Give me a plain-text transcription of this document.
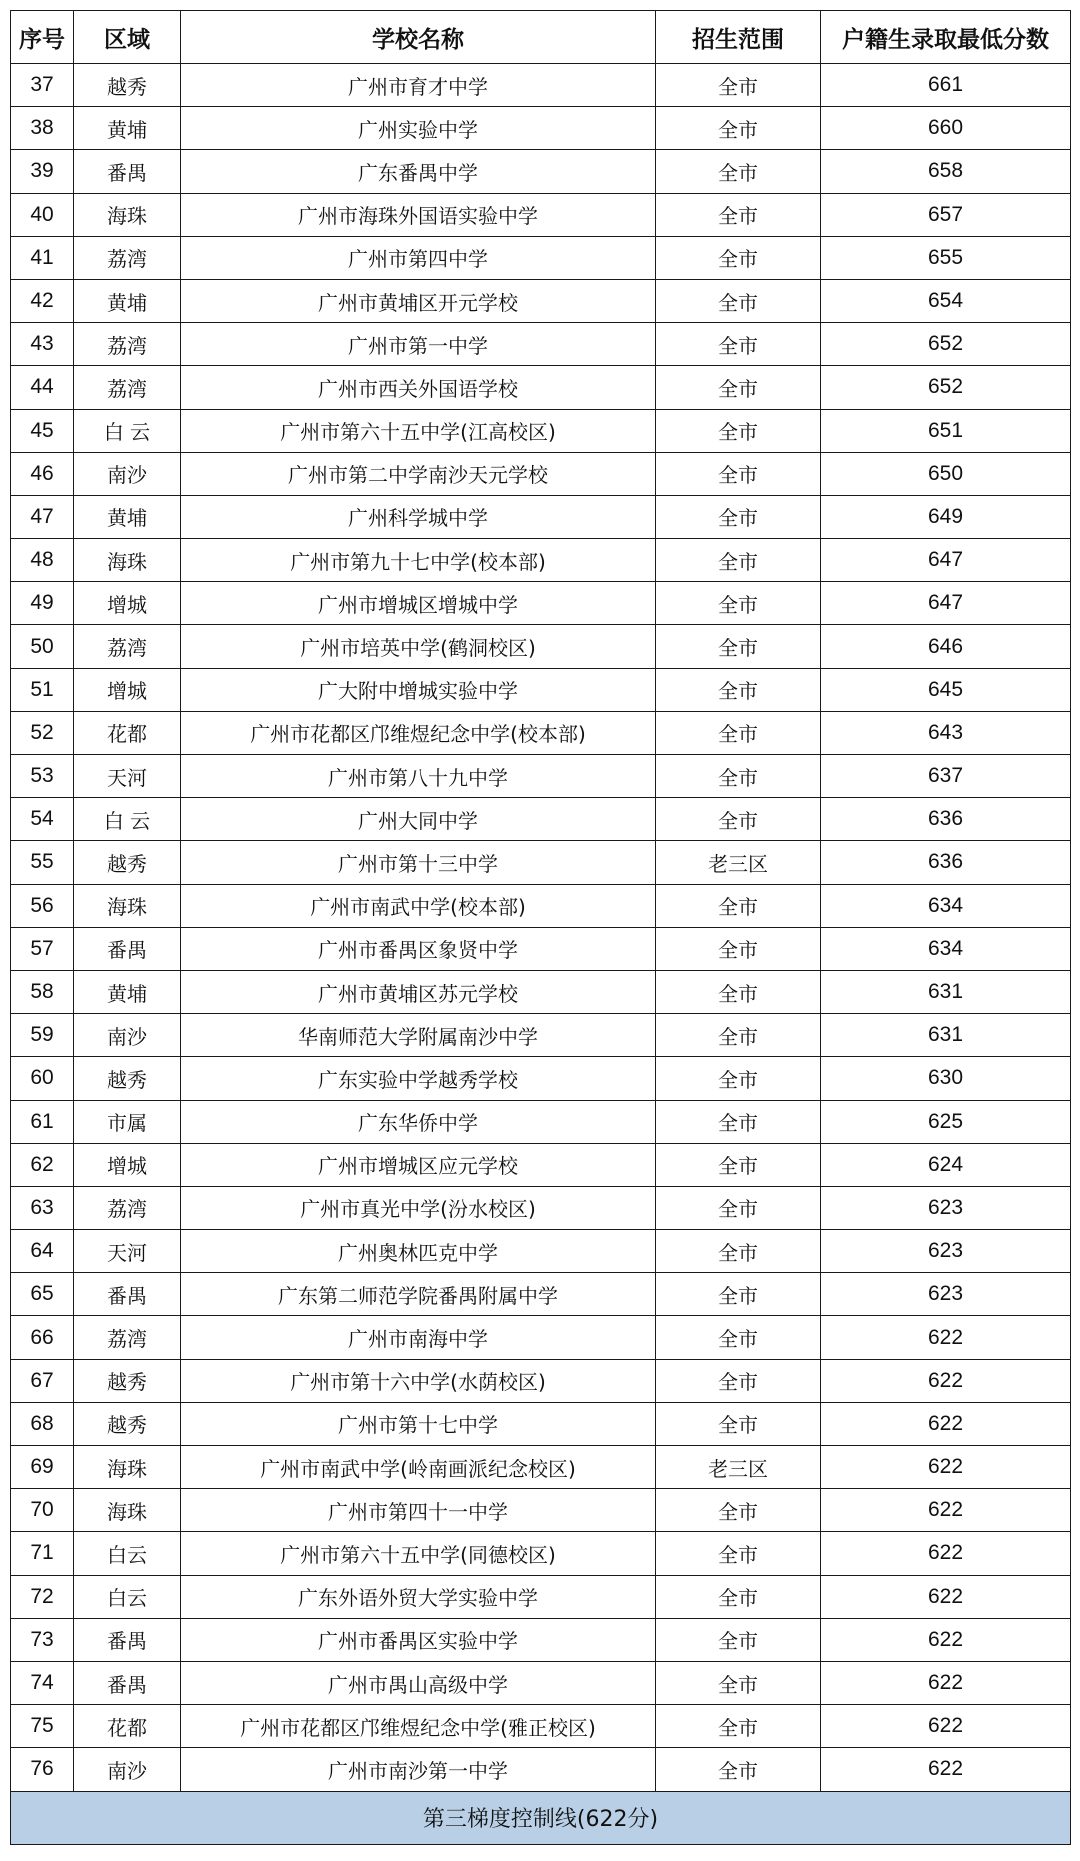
序号	区域	学校名称	招生范围	户籍生录取最低分数
37	越秀	广州市育才中学	全市	661
38	黄埔	广州实验中学	全市	660
39	番禺	广东番禺中学	全市	658
40	海珠	广州市海珠外国语实验中学	全市	657
41	荔湾	广州市第四中学	全市	655
42	黄埔	广州市黄埔区开元学校	全市	654
43	荔湾	广州市第一中学	全市	652
44	荔湾	广州市西关外国语学校	全市	652
45	白 云	广州市第六十五中学(江高校区)	全市	651
46	南沙	广州市第二中学南沙天元学校	全市	650
47	黄埔	广州科学城中学	全市	649
48	海珠	广州市第九十七中学(校本部)	全市	647
49	增城	广州市增城区增城中学	全市	647
50	荔湾	广州市培英中学(鹤洞校区)	全市	646
51	增城	广大附中增城实验中学	全市	645
52	花都	广州市花都区邝维煜纪念中学(校本部)	全市	643
53	天河	广州市第八十九中学	全市	637
54	白 云	广州大同中学	全市	636
55	越秀	广州市第十三中学	老三区	636
56	海珠	广州市南武中学(校本部)	全市	634
57	番禺	广州市番禺区象贤中学	全市	634
58	黄埔	广州市黄埔区苏元学校	全市	631
59	南沙	华南师范大学附属南沙中学	全市	631
60	越秀	广东实验中学越秀学校	全市	630
61	市属	广东华侨中学	全市	625
62	增城	广州市增城区应元学校	全市	624
63	荔湾	广州市真光中学(汾水校区)	全市	623
64	天河	广州奥林匹克中学	全市	623
65	番禺	广东第二师范学院番禺附属中学	全市	623
66	荔湾	广州市南海中学	全市	622
67	越秀	广州市第十六中学(水荫校区)	全市	622
68	越秀	广州市第十七中学	全市	622
69	海珠	广州市南武中学(岭南画派纪念校区)	老三区	622
70	海珠	广州市第四十一中学	全市	622
71	白云	广州市第六十五中学(同德校区)	全市	622
72	白云	广东外语外贸大学实验中学	全市	622
73	番禺	广州市番禺区实验中学	全市	622
74	番禺	广州市禺山高级中学	全市	622
75	花都	广州市花都区邝维煜纪念中学(雅正校区)	全市	622
76	南沙	广州市南沙第一中学	全市	622
第三梯度控制线(622分)				
